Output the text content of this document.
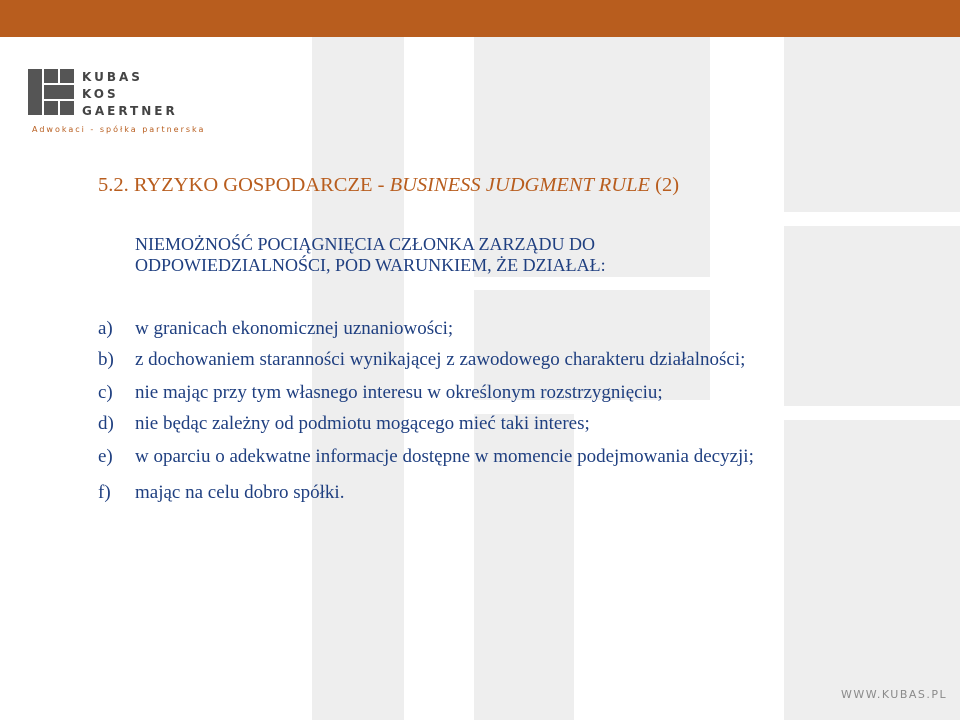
KUBAS
KOS
GAERTNER
Adwokaci - spółka partnerska
5.2. RYZYKO GOSPODARCZE - BUSINESS JUDGMENT RULE (2)
NIEMOŻNOŚĆ POCIĄGNIĘCIA CZŁONKA ZARZĄDU DO
ODPOWIEDZIALNOŚCI, POD WARUNKIEM, ŻE DZIAŁAŁ:
a) w granicach ekonomicznej uznaniowości;
b) z dochowaniem staranności wynikającej z zawodowego charakteru działalności;
c) nie mając przy tym własnego interesu w określonym rozstrzygnięciu;
d) nie będąc zależny od podmiotu mogącego mieć taki interes;
e) w oparciu o adekwatne informacje dostępne w momencie podejmowania decyzji;
f) mając na celu dobro spółki.
WWW.KUBAS.PL
